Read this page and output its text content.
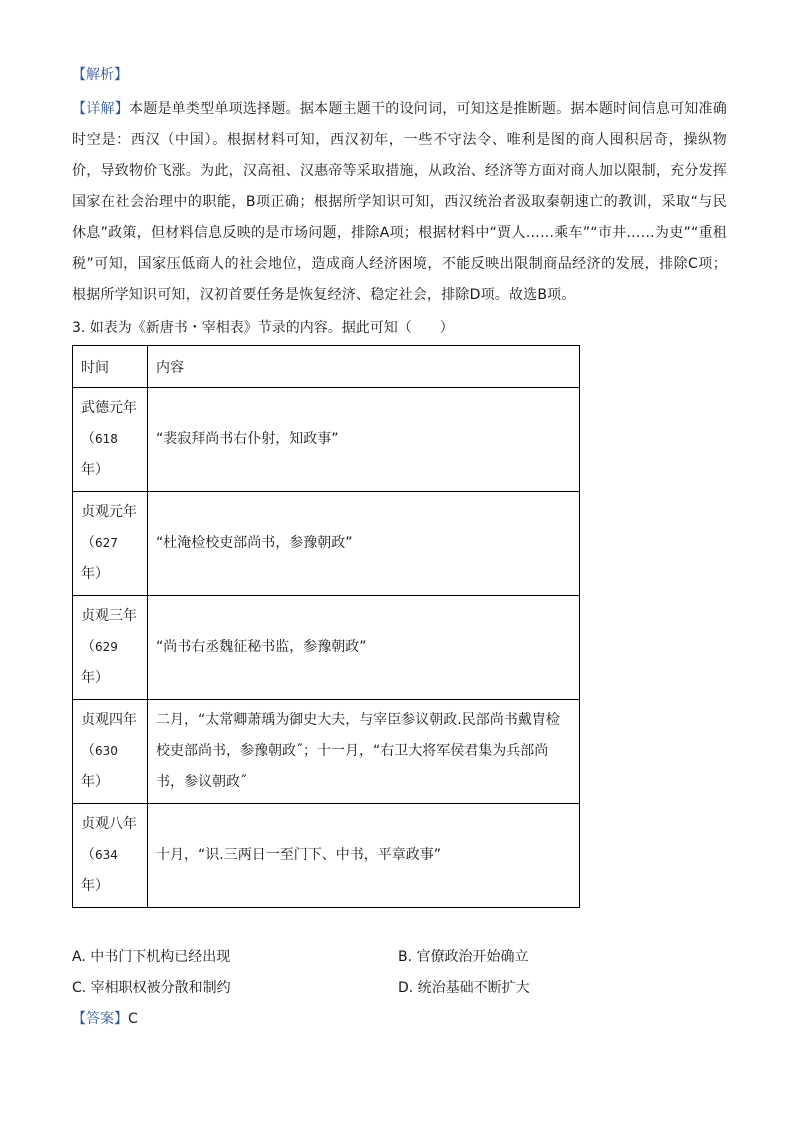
【解析】

【详解】本题是单类型单项选择题。据本题主题干的设问词，可知这是推断题。据本题时间信息可知准确时空是：西汉（中国）。根据材料可知，西汉初年，一些不守法令、唯利是图的商人囤积居奇，操纵物价，导致物价飞涨。为此，汉高祖、汉惠帝等采取措施，从政治、经济等方面对商人加以限制，充分发挥国家在社会治理中的职能，B项正确；根据所学知识可知，西汉统治者汲取秦朝速亡的教训，采取“与民休息”政策，但材料信息反映的是市场问题，排除A项；根据材料中“贾人……乘车”“市井……为吏”“重租税”可知，国家压低商人的社会地位，造成商人经济困境，不能反映出限制商品经济的发展，排除C项；根据所学知识可知，汉初首要任务是恢复经济、稳定社会，排除D项。故选B项。

3. 如表为《新唐书・宰相表》节录的内容。据此可知（　　）
时间	内容

武德元年
（618
年）	“裴寂拜尚书右仆射，知政事”

贞观元年
（627
年）	“杜淹检校吏部尚书，参豫朝政”

贞观三年
（629
年）	“尚书右丞魏征秘书监，参豫朝政”

贞观四年
（630
年）	二月，“太常卿萧瑀为御史大夫，与宰臣参议朝政.民部尚书戴胄检校吏部尚书，参豫朝政˝；十一月，“右卫大将军侯君集为兵部尚书，参议朝政˝

贞观八年
（634
年）	十月，“识.三两日一至门下、中书，平章政事”
A. 中书门下机构已经出现	B. 官僚政治开始确立
C. 宰相职权被分散和制约	D. 统治基础不断扩大
【答案】C
